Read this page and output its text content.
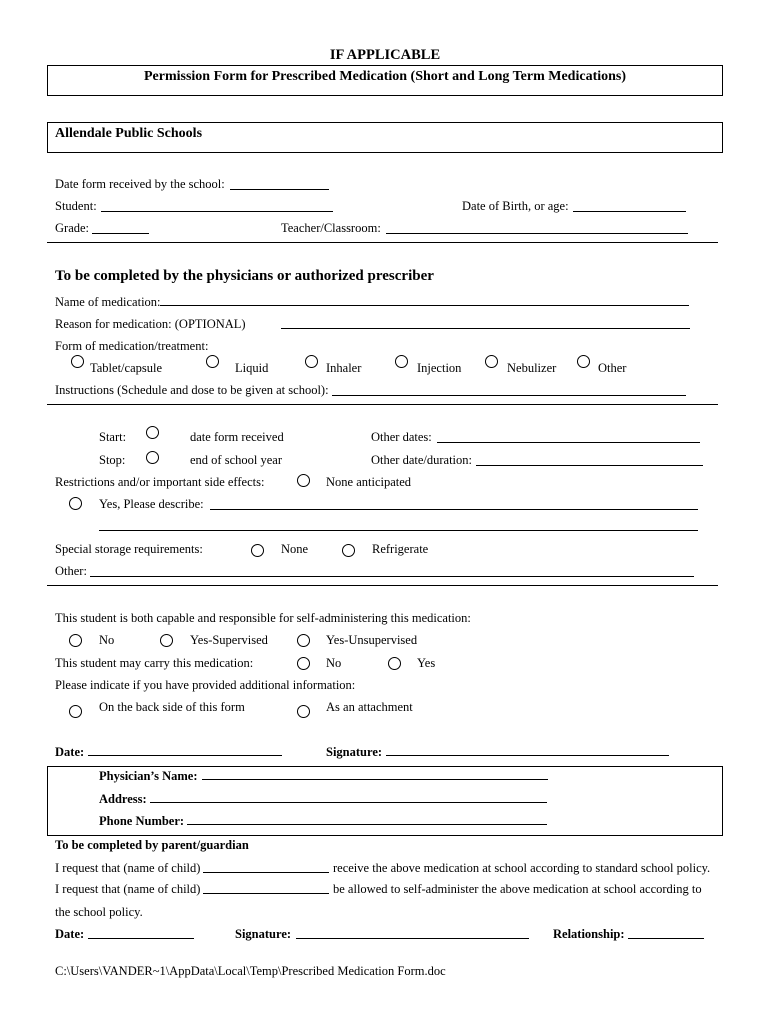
IF APPLICABLE
Permission Form for Prescribed Medication (Short and Long Term Medications)
Allendale Public Schools
Date form received by the school:
Student:	Date of Birth, or age:
Grade:	Teacher/Classroom:
To be completed by the physicians or authorized prescriber
Name of medication:
Reason for medication: (OPTIONAL)
Form of medication/treatment:
Tablet/capsule	Liquid	Inhaler	Injection	Nebulizer	Other
Instructions (Schedule and dose to be given at school):
Start:	date form received	Other dates:
Stop:	end of school year	Other date/duration:
Restrictions and/or important side effects:	None anticipated
Yes, Please describe:
Special storage requirements:	None	Refrigerate
Other:
This student is both capable and responsible for self-administering this medication:
No	Yes-Supervised	Yes-Unsupervised
This student may carry this medication:	No	Yes
Please indicate if you have provided additional information:
On the back side of this form	As an attachment
Date:	Signature:
Physician’s Name:
Address:
Phone Number:
To be completed by parent/guardian
I request that (name of child)	receive the above medication at school according to standard school policy.
I request that (name of child)	be allowed to self-administer the above medication at school according to
the school policy.
Date:	Signature:	Relationship:
C:\Users\VANDER~1\AppData\Local\Temp\Prescribed Medication Form.doc
